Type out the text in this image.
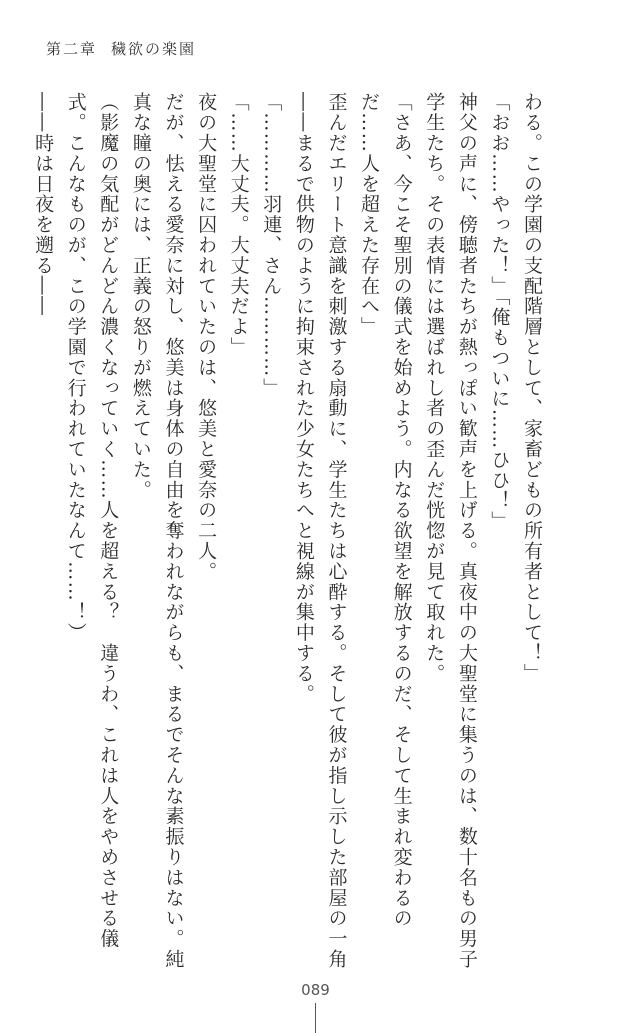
第二章 穢欲の楽園

わる。この学園の支配階層として、家畜どもの所有者として！」

「おお……やった！」「俺もついに……ひひ！」

神父の声に、傍聴者たちが熱っぽい歓声を上げる。真夜中の大聖堂に集うのは、数十名もの男子学生たち。その表情には選ばれし者の歪んだ恍惚が見て取れた。

「さあ、今こそ聖別の儀式を始めよう。内なる欲望を解放するのだ、そして生まれ変わるのだ……人を超えた存在へ」

歪んだエリート意識を刺激する扇動に、学生たちは心酔する。そして彼が指し示した部屋の一角――まるで供物のように拘束された少女たちへと視線が集中する。

「…………羽連、さん…………」

「……大丈夫。大丈夫だよ」

夜の大聖堂に囚われていたのは、悠美と愛奈の二人。

だが、怯える愛奈に対し、悠美は身体の自由を奪われながらも、まるでそんな素振りはない。純真な瞳の奥には、正義の怒りが燃えていた。

（影魔の気配がどんどん濃くなっていく……人を超える？　違うわ、これは人をやめさせる儀式。こんなものが、この学園で行われていたなんて……！）

――時は日夜を遡る――

089
